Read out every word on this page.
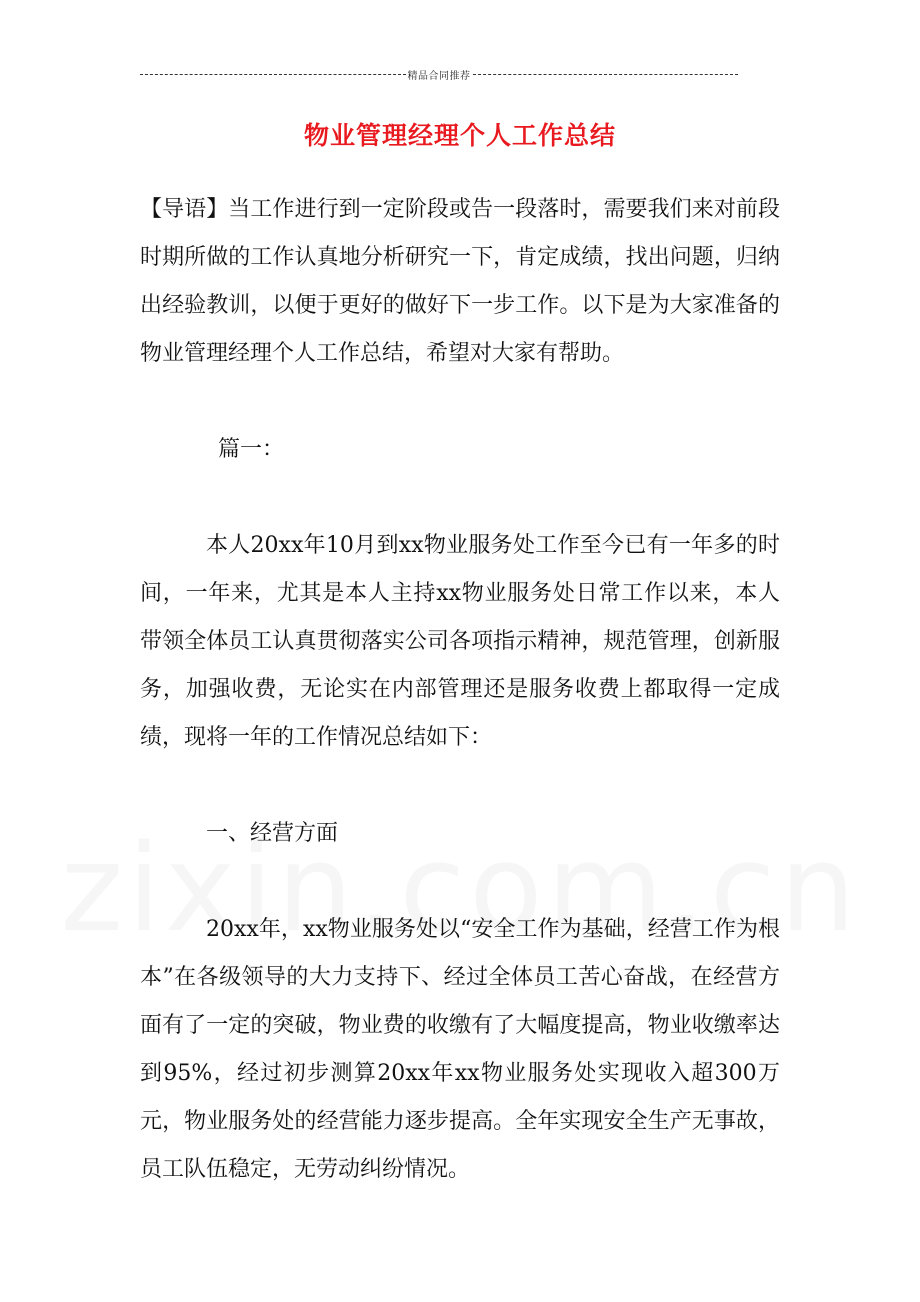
精品合同推荐
物业管理经理个人工作总结

【导语】当工作进行到一定阶段或告一段落时，需要我们来对前段时期所做的工作认真地分析研究一下，肯定成绩，找出问题，归纳出经验教训，以便于更好的做好下一步工作。以下是为大家准备的物业管理经理个人工作总结，希望对大家有帮助。

篇一：

本人20xx年10月到xx物业服务处工作至今已有一年多的时间，一年来，尤其是本人主持xx物业服务处日常工作以来，本人带领全体员工认真贯彻落实公司各项指示精神，规范管理，创新服务，加强收费，无论实在内部管理还是服务收费上都取得一定成绩，现将一年的工作情况总结如下：

一、经营方面

20xx年，xx物业服务处以“安全工作为基础，经营工作为根本”在各级领导的大力支持下、经过全体员工苦心奋战，在经营方面有了一定的突破，物业费的收缴有了大幅度提高，物业收缴率达到95%，经过初步测算20xx年xx物业服务处实现收入超300万元，物业服务处的经营能力逐步提高。全年实现安全生产无事故，员工队伍稳定，无劳动纠纷情况。
